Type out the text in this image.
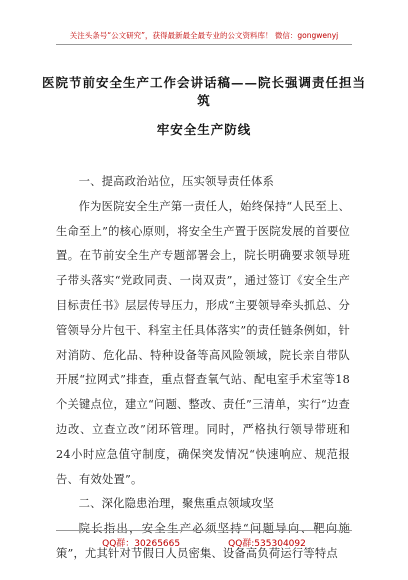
关注头条号“公文研究”，获得最新最全最专业的公文资料库！ 微信：gongwenyj
医院节前安全生产工作会讲话稿——院长强调责任担当筑
牢安全生产防线

一、提高政治站位，压实领导责任体系

作为医院安全生产第一责任人，始终保持“人民至上、生命至上”的核心原则，将安全生产置于医院发展的首要位置。在节前安全生产专题部署会上，院长明确要求领导班子带头落实“党政同责、一岗双责”，通过签订《安全生产目标责任书》层层传导压力，形成“主要领导牵头抓总、分管领导分片包干、科室主任具体落实”的责任链条例如，针对消防、危化品、特种设备等高风险领域，院长亲自带队开展“拉网式”排查，重点督查氧气站、配电室手术室等18个关键点位，建立“问题、整改、责任”三清单，实行“边查边改、立查立改”闭环管理。同时，严格执行领导带班和24小时应急值守制度，确保突发情况“快速响应、规范报告、有效处置”。

二、深化隐患治理，聚焦重点领域攻坚

院长指出，安全生产必须坚持“问题导向、靶向施策”，尤其针对节假日人员密集、设备高负荷运行等特点

QQ群：30265665	QQ群:535304092
